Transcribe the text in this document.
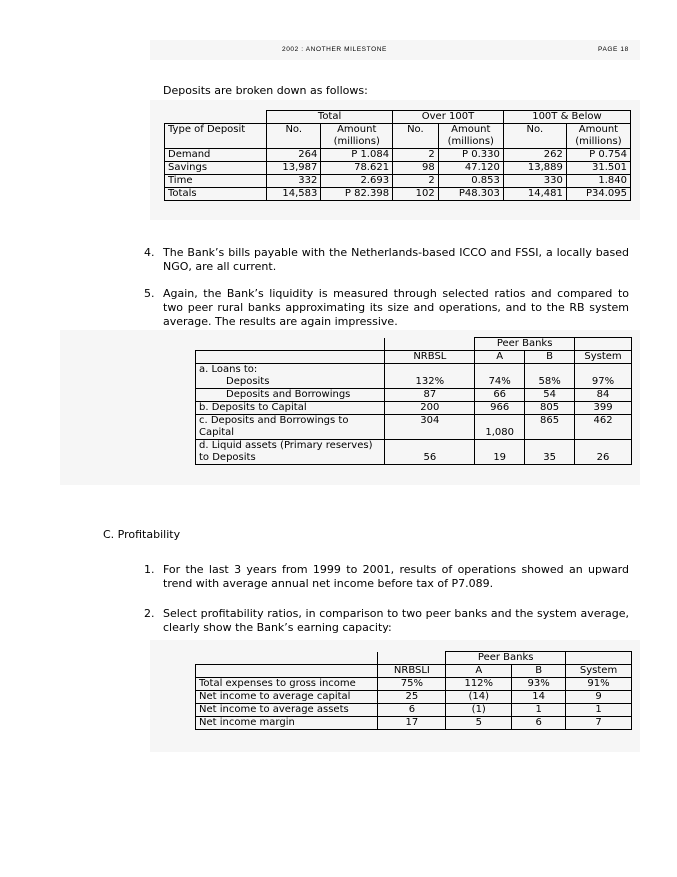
2002 : ANOTHER MILESTONE	PAGE 18
Deposits are broken down as follows:
	Total		Over 100T		100T & Below	
Type of Deposit	No.	Amount (millions)	No.	Amount (millions)	No.	Amount (millions)
Demand	264	P 1.084	2	P 0.330	262	P 0.754
Savings	13,987	78.621	98	47.120	13,889	31.501
Time	332	2.693	2	0.853	330	1.840
Totals	14,583	P 82.398	102	P48.303	14,481	P34.095
4. The Bank’s bills payable with the Netherlands-based ICCO and FSSI, a locally based NGO, are all current.
5. Again, the Bank’s liquidity is measured through selected ratios and compared to two peer rural banks approximating its size and operations, and to the RB system average. The results are again impressive.
		Peer Banks		
	NRBSL	A	B	System
a. Loans to:				
Deposits	132%	74%	58%	97%
Deposits and Borrowings	87	66	54	84
b. Deposits to Capital	200	966	805	399
c. Deposits and Borrowings to Capital	304	1,080	865	462
d. Liquid assets (Primary reserves) to Deposits	56	19	35	26
C. Profitability
1. For the last 3 years from 1999 to 2001, results of operations showed an upward trend with average annual net income before tax of P7.089.
2. Select profitability ratios, in comparison to two peer banks and the system average, clearly show the Bank’s earning capacity:
		Peer Banks		
	NRBSLI	A	B	System
Total expenses to gross income	75%	112%	93%	91%
Net income to average capital	25	(14)	14	9
Net income to average assets	6	(1)	1	1
Net income margin	17	5	6	7
